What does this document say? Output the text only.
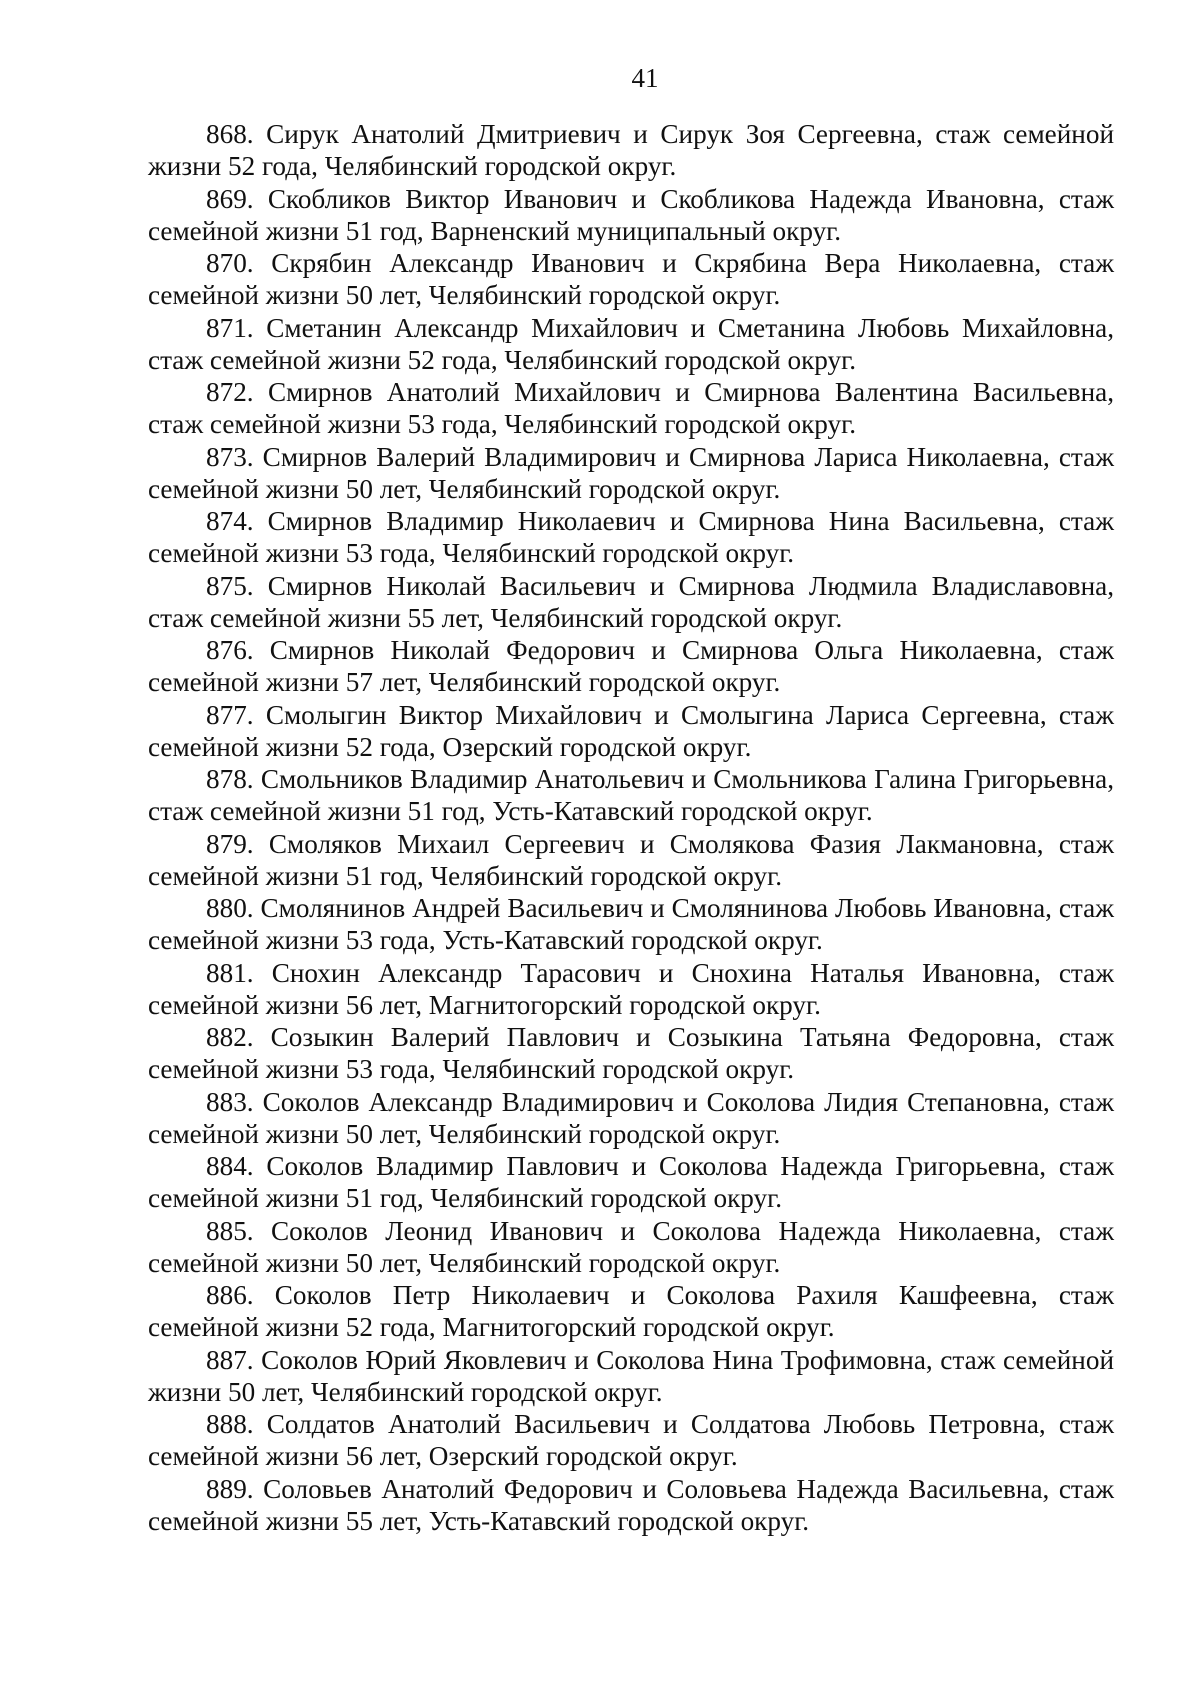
41
868. Сирук Анатолий Дмитриевич и Сирук Зоя Сергеевна, стаж семейной жизни 52 года, Челябинский городской округ.
869. Скобликов Виктор Иванович и Скобликова Надежда Ивановна, стаж семейной жизни 51 год, Варненский муниципальный округ.
870. Скрябин Александр Иванович и Скрябина Вера Николаевна, стаж семейной жизни 50 лет, Челябинский городской округ.
871. Сметанин Александр Михайлович и Сметанина Любовь Михайловна, стаж семейной жизни 52 года, Челябинский городской округ.
872. Смирнов Анатолий Михайлович и Смирнова Валентина Васильевна, стаж семейной жизни 53 года, Челябинский городской округ.
873. Смирнов Валерий Владимирович и Смирнова Лариса Николаевна, стаж семейной жизни 50 лет, Челябинский городской округ.
874. Смирнов Владимир Николаевич и Смирнова Нина Васильевна, стаж семейной жизни 53 года, Челябинский городской округ.
875. Смирнов Николай Васильевич и Смирнова Людмила Владиславовна, стаж семейной жизни 55 лет, Челябинский городской округ.
876. Смирнов Николай Федорович и Смирнова Ольга Николаевна, стаж семейной жизни 57 лет, Челябинский городской округ.
877. Смолыгин Виктор Михайлович и Смолыгина Лариса Сергеевна, стаж семейной жизни 52 года, Озерский городской округ.
878. Смольников Владимир Анатольевич и Смольникова Галина Григорьевна, стаж семейной жизни 51 год, Усть-Катавский городской округ.
879. Смоляков Михаил Сергеевич и Смолякова Фазия Лакмановна, стаж семейной жизни 51 год, Челябинский городской округ.
880. Смолянинов Андрей Васильевич и Смолянинова Любовь Ивановна, стаж семейной жизни 53 года, Усть-Катавский городской округ.
881. Снохин Александр Тарасович и Снохина Наталья Ивановна, стаж семейной жизни 56 лет, Магнитогорский городской округ.
882. Созыкин Валерий Павлович и Созыкина Татьяна Федоровна, стаж семейной жизни 53 года, Челябинский городской округ.
883. Соколов Александр Владимирович и Соколова Лидия Степановна, стаж семейной жизни 50 лет, Челябинский городской округ.
884. Соколов Владимир Павлович и Соколова Надежда Григорьевна, стаж семейной жизни 51 год, Челябинский городской округ.
885. Соколов Леонид Иванович и Соколова Надежда Николаевна, стаж семейной жизни 50 лет, Челябинский городской округ.
886. Соколов Петр Николаевич и Соколова Рахиля Кашфеевна, стаж семейной жизни 52 года, Магнитогорский городской округ.
887. Соколов Юрий Яковлевич и Соколова Нина Трофимовна, стаж семейной жизни 50 лет, Челябинский городской округ.
888. Солдатов Анатолий Васильевич и Солдатова Любовь Петровна, стаж семейной жизни 56 лет, Озерский городской округ.
889. Соловьев Анатолий Федорович и Соловьева Надежда Васильевна, стаж семейной жизни 55 лет, Усть-Катавский городской округ.
